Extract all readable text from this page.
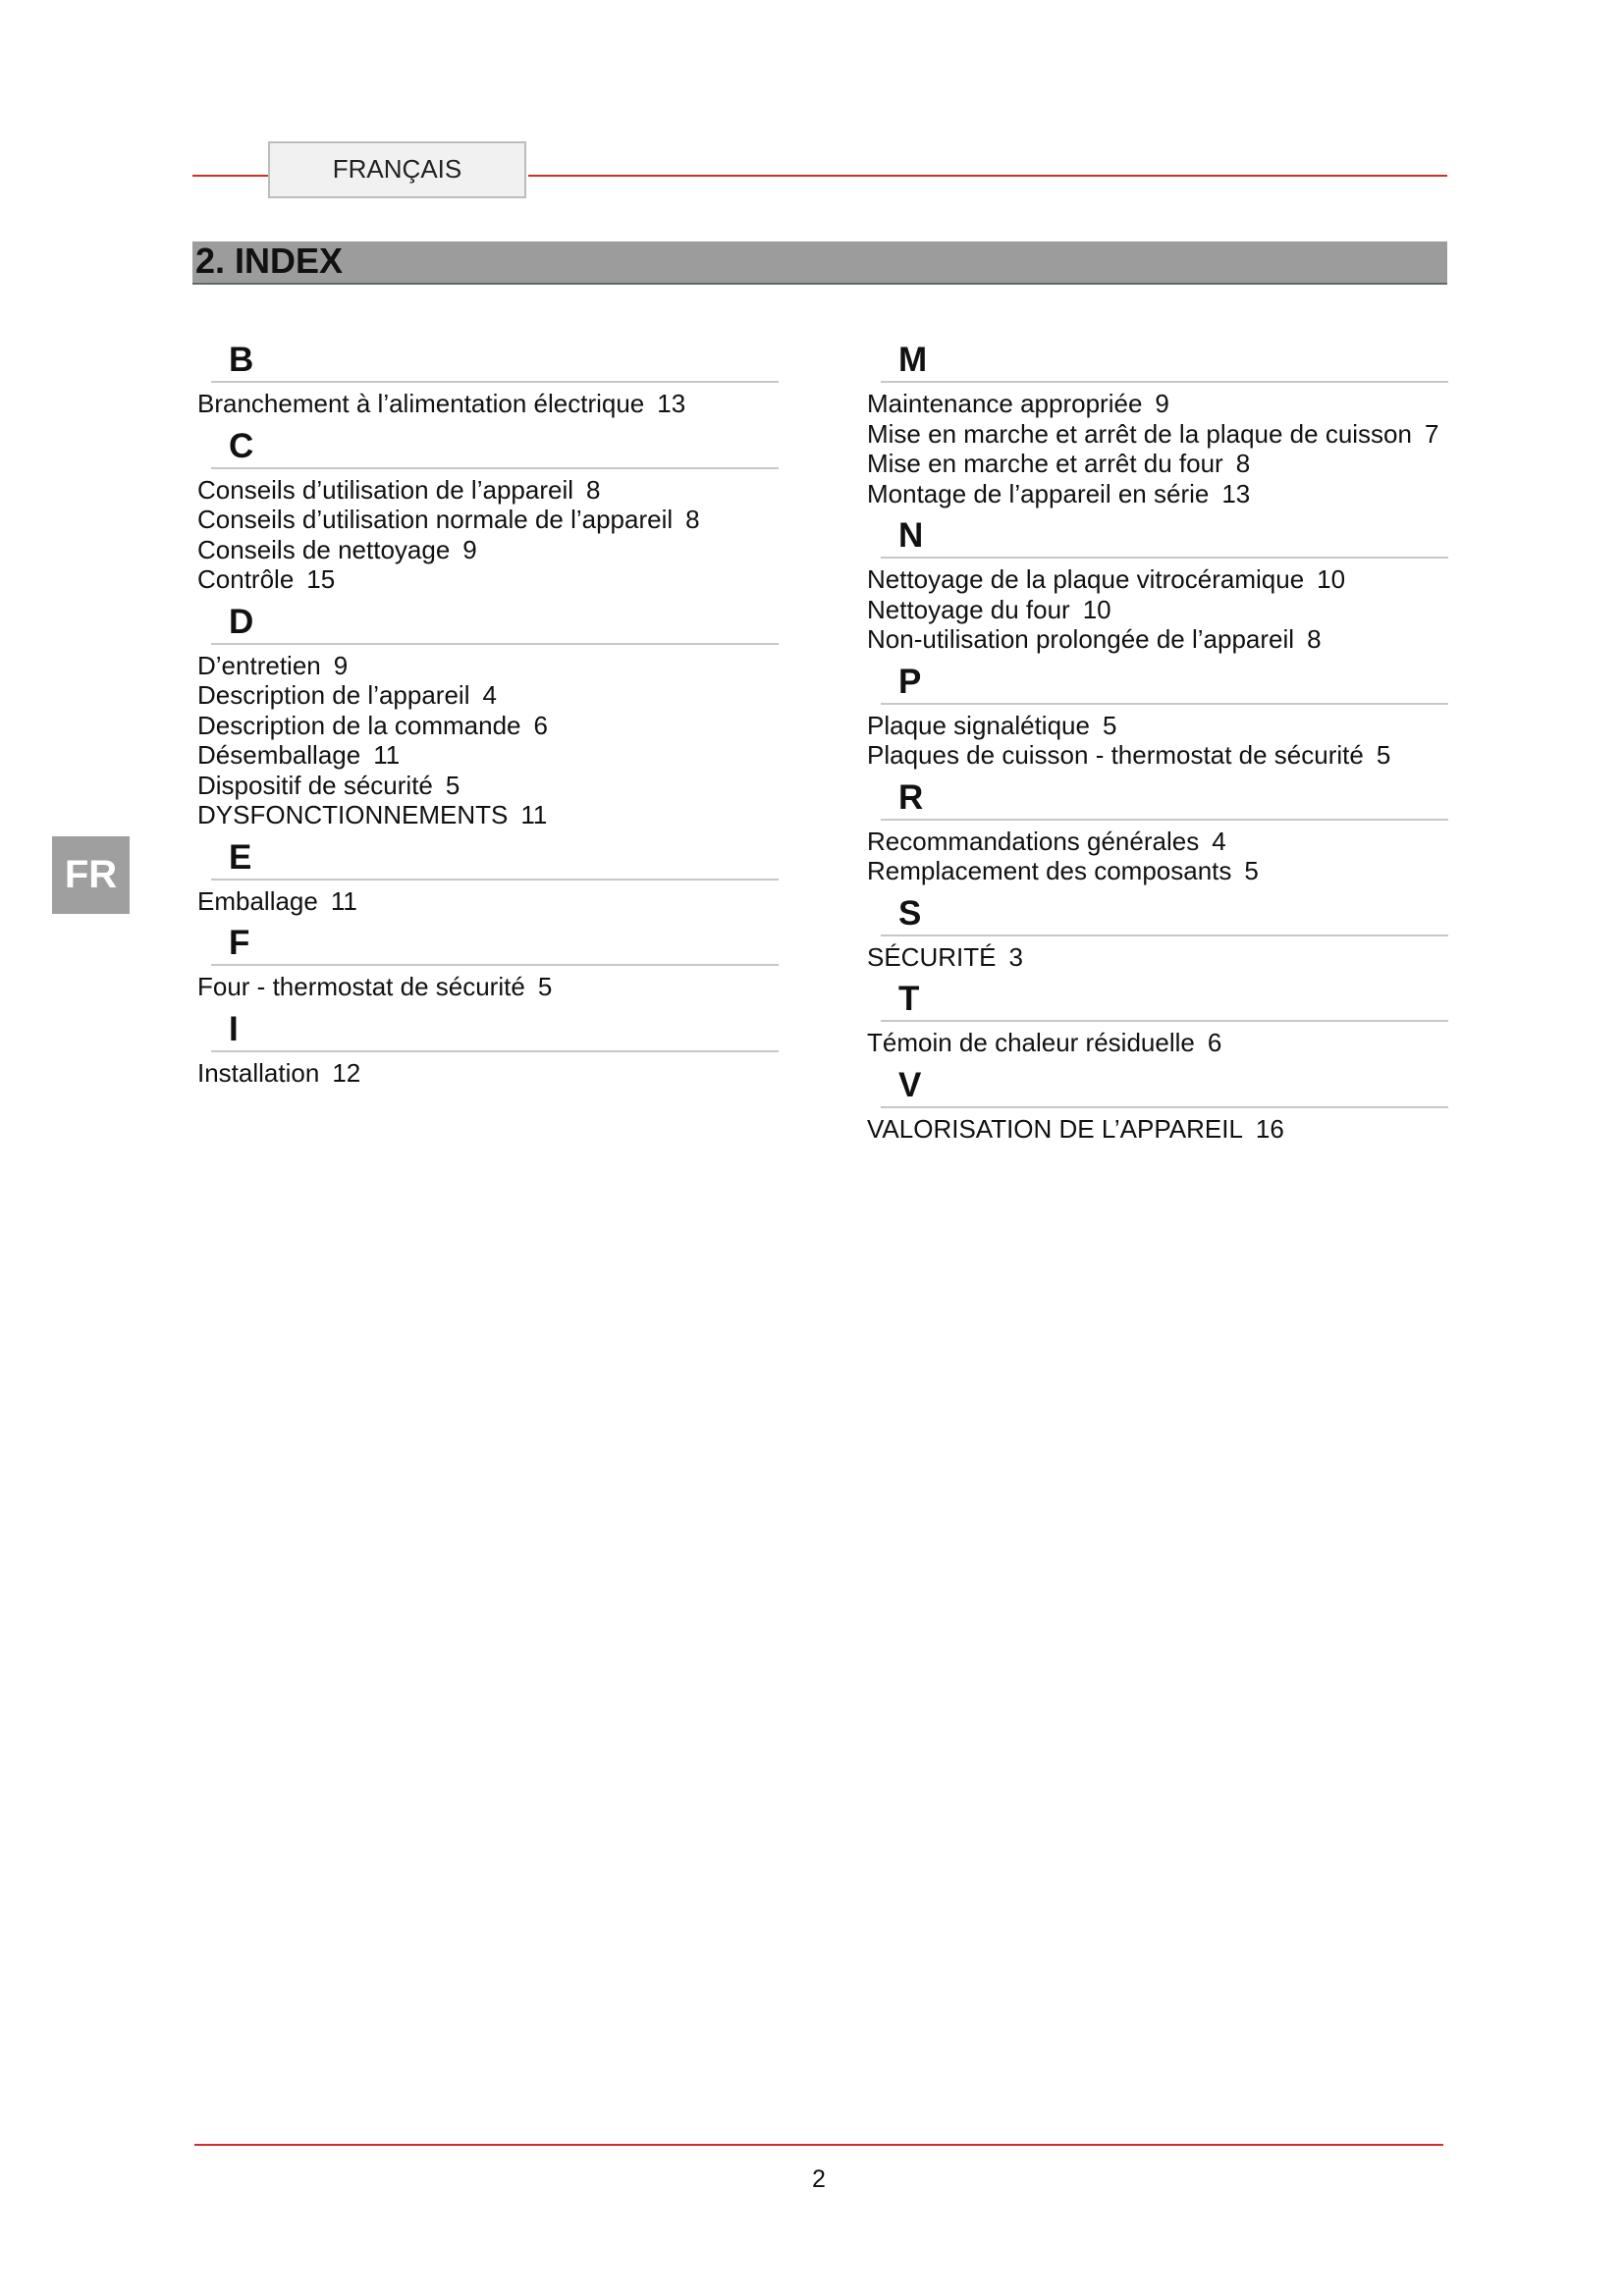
FRANÇAIS
2. INDEX
FR
B
Branchement à l’alimentation électrique 13
C
Conseils d’utilisation de l’appareil 8
Conseils d’utilisation normale de l’appareil 8
Conseils de nettoyage 9
Contrôle 15
D
D’entretien 9
Description de l’appareil 4
Description de la commande 6
Désemballage 11
Dispositif de sécurité 5
DYSFONCTIONNEMENTS 11
E
Emballage 11
F
Four - thermostat de sécurité 5
I
Installation 12
M
Maintenance appropriée 9
Mise en marche et arrêt de la plaque de cuisson 7
Mise en marche et arrêt du four 8
Montage de l’appareil en série 13
N
Nettoyage de la plaque vitrocéramique 10
Nettoyage du four 10
Non-utilisation prolongée de l’appareil 8
P
Plaque signalétique 5
Plaques de cuisson - thermostat de sécurité 5
R
Recommandations générales 4
Remplacement des composants 5
S
SÉCURITÉ 3
T
Témoin de chaleur résiduelle 6
V
VALORISATION DE L’APPAREIL 16
2
